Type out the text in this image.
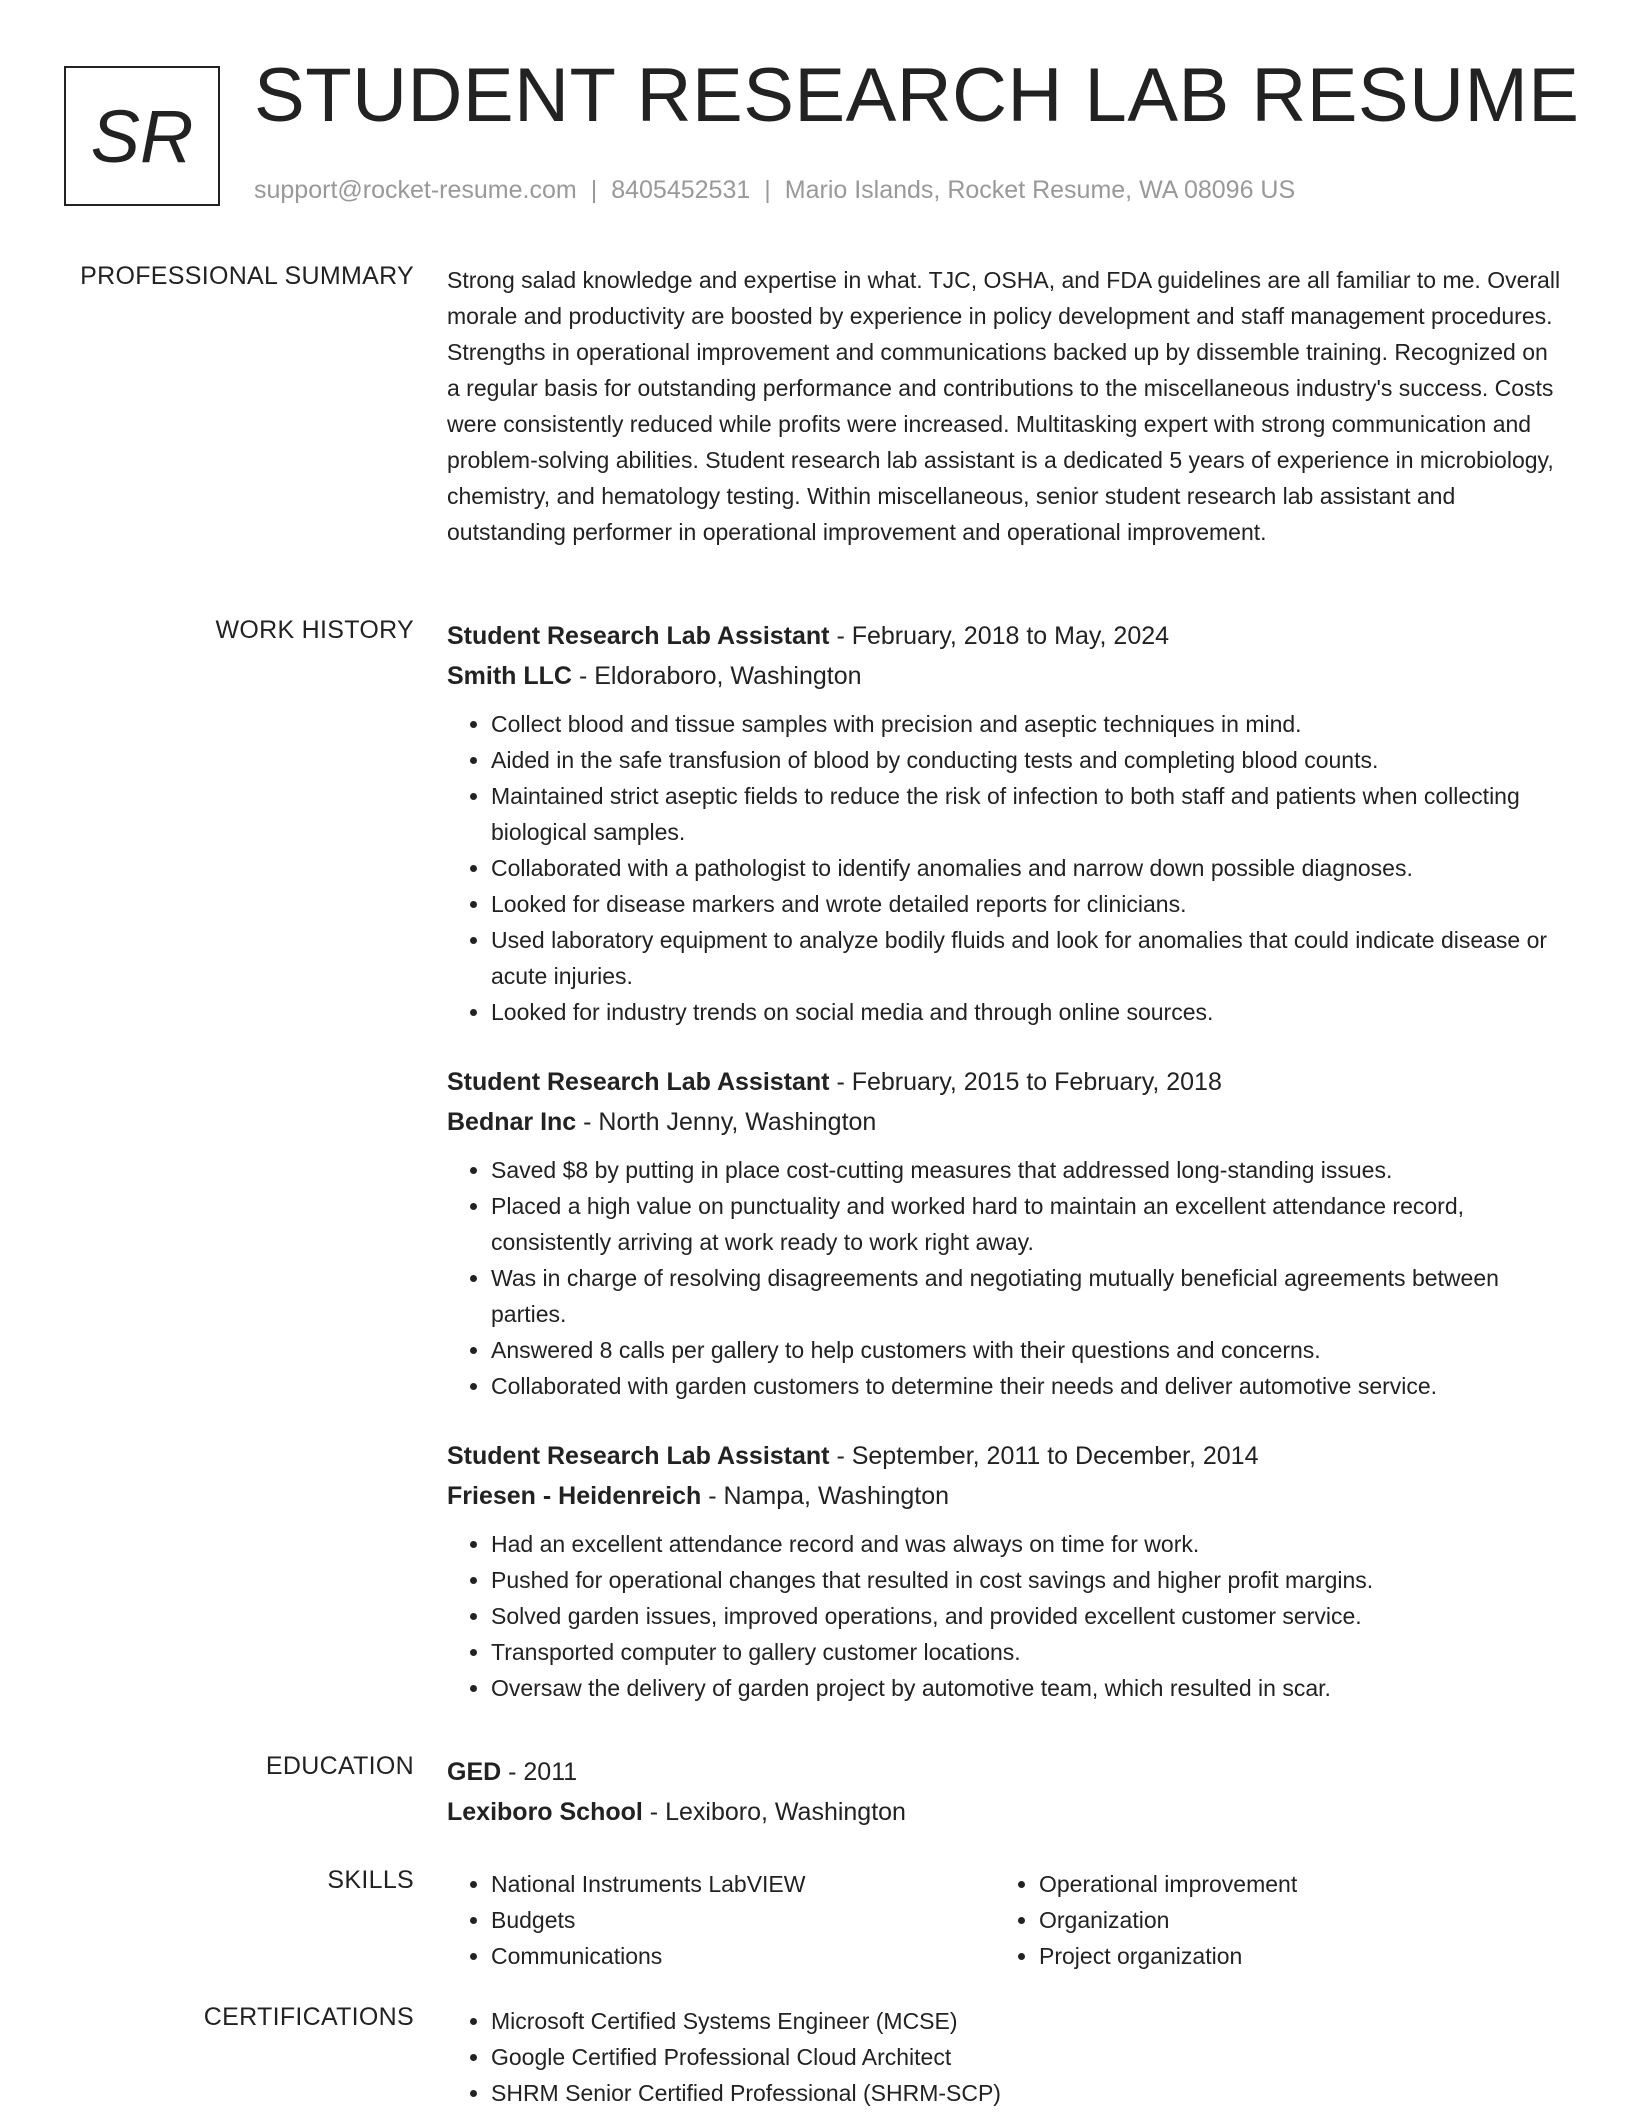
SR STUDENT RESEARCH LAB RESUME
support@rocket-resume.com | 8405452531 | Mario Islands, Rocket Resume, WA 08096 US
PROFESSIONAL SUMMARY Strong salad knowledge and expertise in what. TJC, OSHA, and FDA guidelines are all familiar to me. Overall morale and productivity are boosted by experience in policy development and staff management procedures. Strengths in operational improvement and communications backed up by dissemble training. Recognized on a regular basis for outstanding performance and contributions to the miscellaneous industry's success. Costs were consistently reduced while profits were increased. Multitasking expert with strong communication and problem-solving abilities. Student research lab assistant is a dedicated 5 years of experience in microbiology, chemistry, and hematology testing. Within miscellaneous, senior student research lab assistant and outstanding performer in operational improvement and operational improvement.

WORK HISTORY Student Research Lab Assistant - February, 2018 to May, 2024
Smith LLC - Eldoraboro, Washington
• Collect blood and tissue samples with precision and aseptic techniques in mind.
• Aided in the safe transfusion of blood by conducting tests and completing blood counts.
• Maintained strict aseptic fields to reduce the risk of infection to both staff and patients when collecting biological samples.
• Collaborated with a pathologist to identify anomalies and narrow down possible diagnoses.
• Looked for disease markers and wrote detailed reports for clinicians.
• Used laboratory equipment to analyze bodily fluids and look for anomalies that could indicate disease or acute injuries.
• Looked for industry trends on social media and through online sources.
Student Research Lab Assistant - February, 2015 to February, 2018
Bednar Inc - North Jenny, Washington
• Saved $8 by putting in place cost-cutting measures that addressed long-standing issues.
• Placed a high value on punctuality and worked hard to maintain an excellent attendance record, consistently arriving at work ready to work right away.
• Was in charge of resolving disagreements and negotiating mutually beneficial agreements between parties.
• Answered 8 calls per gallery to help customers with their questions and concerns.
• Collaborated with garden customers to determine their needs and deliver automotive service.
Student Research Lab Assistant - September, 2011 to December, 2014
Friesen - Heidenreich - Nampa, Washington
• Had an excellent attendance record and was always on time for work.
• Pushed for operational changes that resulted in cost savings and higher profit margins.
• Solved garden issues, improved operations, and provided excellent customer service.
• Transported computer to gallery customer locations.
• Oversaw the delivery of garden project by automotive team, which resulted in scar.
EDUCATION GED - 2011
Lexiboro School - Lexiboro, Washington
SKILLS	• National Instruments LabVIEW
• Budgets
• Communications
• Operational improvement
• Organization
• Project organization
CERTIFICATIONS	• Microsoft Certified Systems Engineer (MCSE)
• Google Certified Professional Cloud Architect
• SHRM Senior Certified Professional (SHRM-SCP)
